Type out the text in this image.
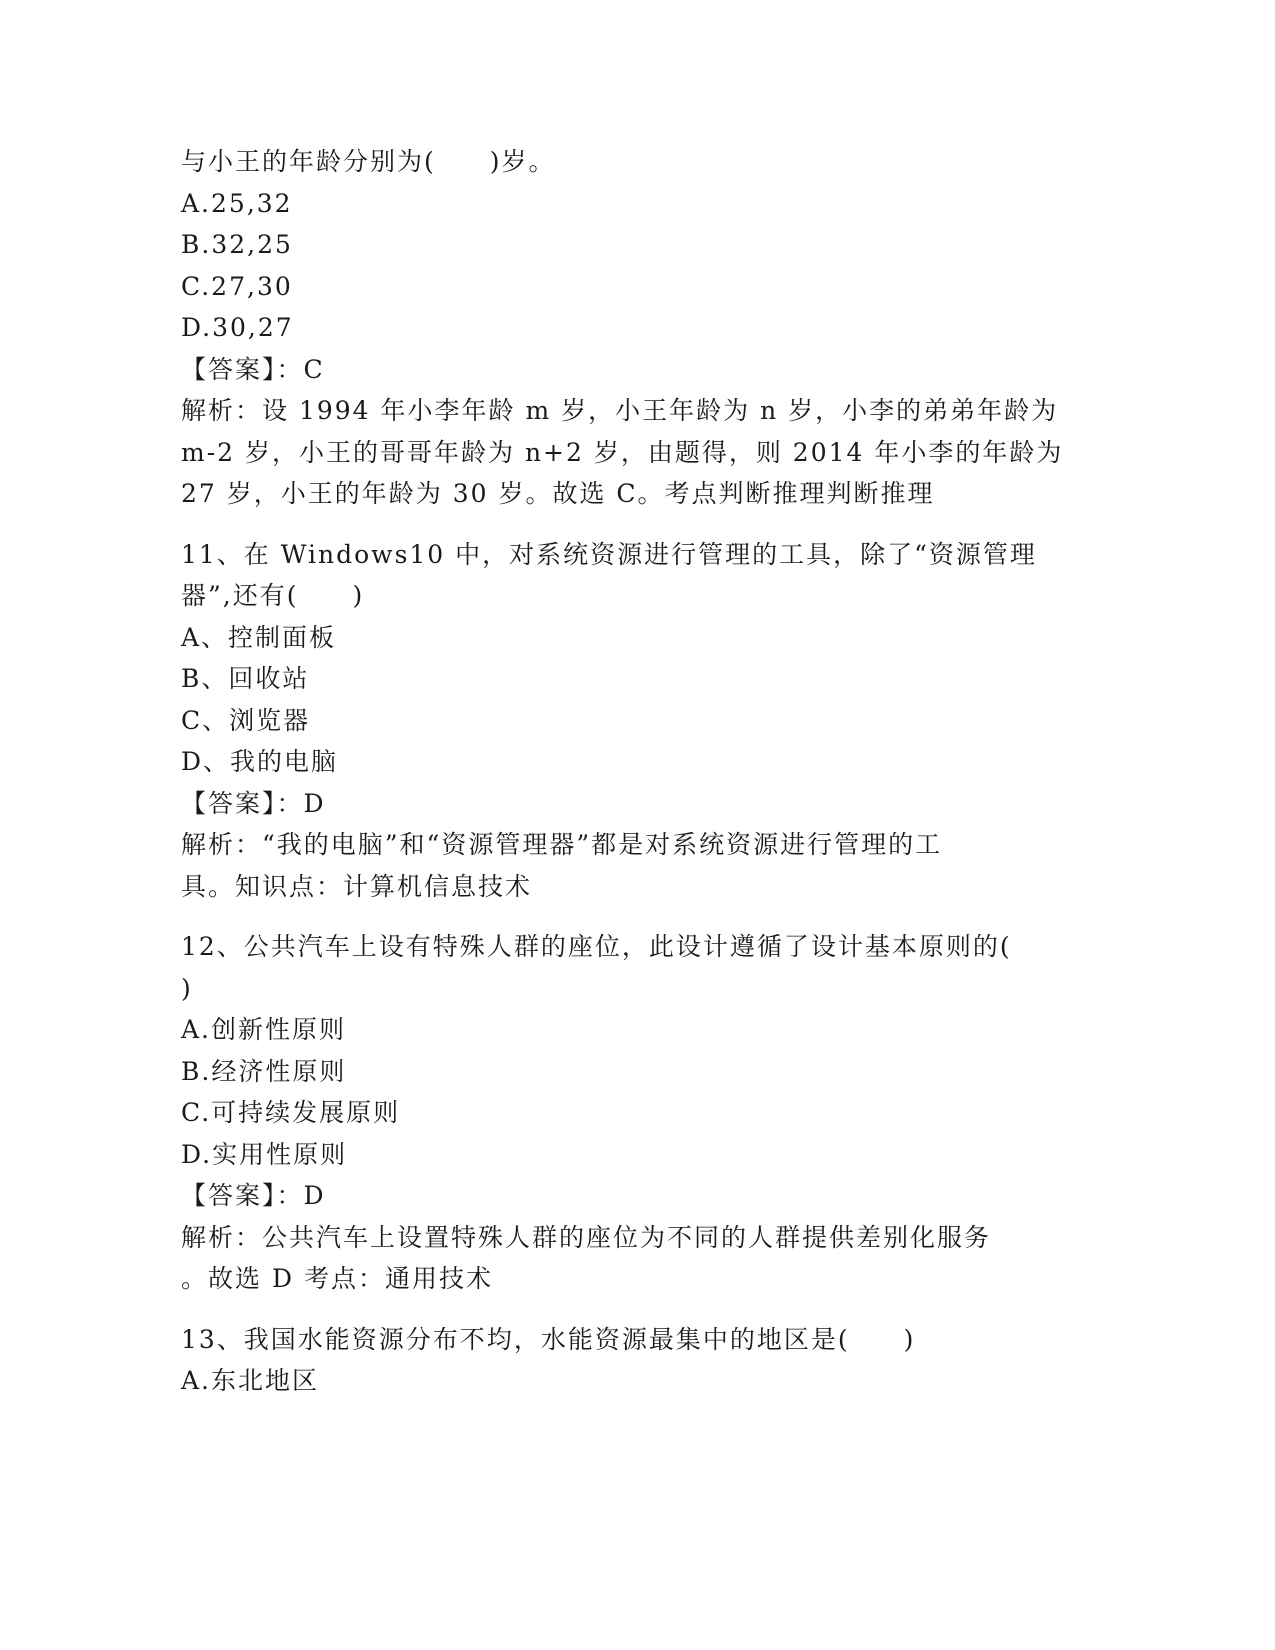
与小王的年龄分别为(　　)岁。
A.25,32
B.32,25
C.27,30
D.30,27
【答案】：C
解析：设 1994 年小李年龄 m 岁，小王年龄为 n 岁，小李的弟弟年龄为
m-2 岁，小王的哥哥年龄为 n+2 岁，由题得，则 2014 年小李的年龄为
27 岁，小王的年龄为 30 岁。故选 C。考点判断推理判断推理
11、在 Windows10 中，对系统资源进行管理的工具，除了“资源管理
器”,还有(　　)
A、控制面板
B、回收站
C、浏览器
D、我的电脑
【答案】：D
解析：“我的电脑”和“资源管理器”都是对系统资源进行管理的工
具。知识点：计算机信息技术
12、公共汽车上设有特殊人群的座位，此设计遵循了设计基本原则的(
)
A.创新性原则
B.经济性原则
C.可持续发展原则
D.实用性原则
【答案】：D
解析：公共汽车上设置特殊人群的座位为不同的人群提供差别化服务
。故选 D 考点：通用技术
13、我国水能资源分布不均，水能资源最集中的地区是(　　)
A.东北地区
